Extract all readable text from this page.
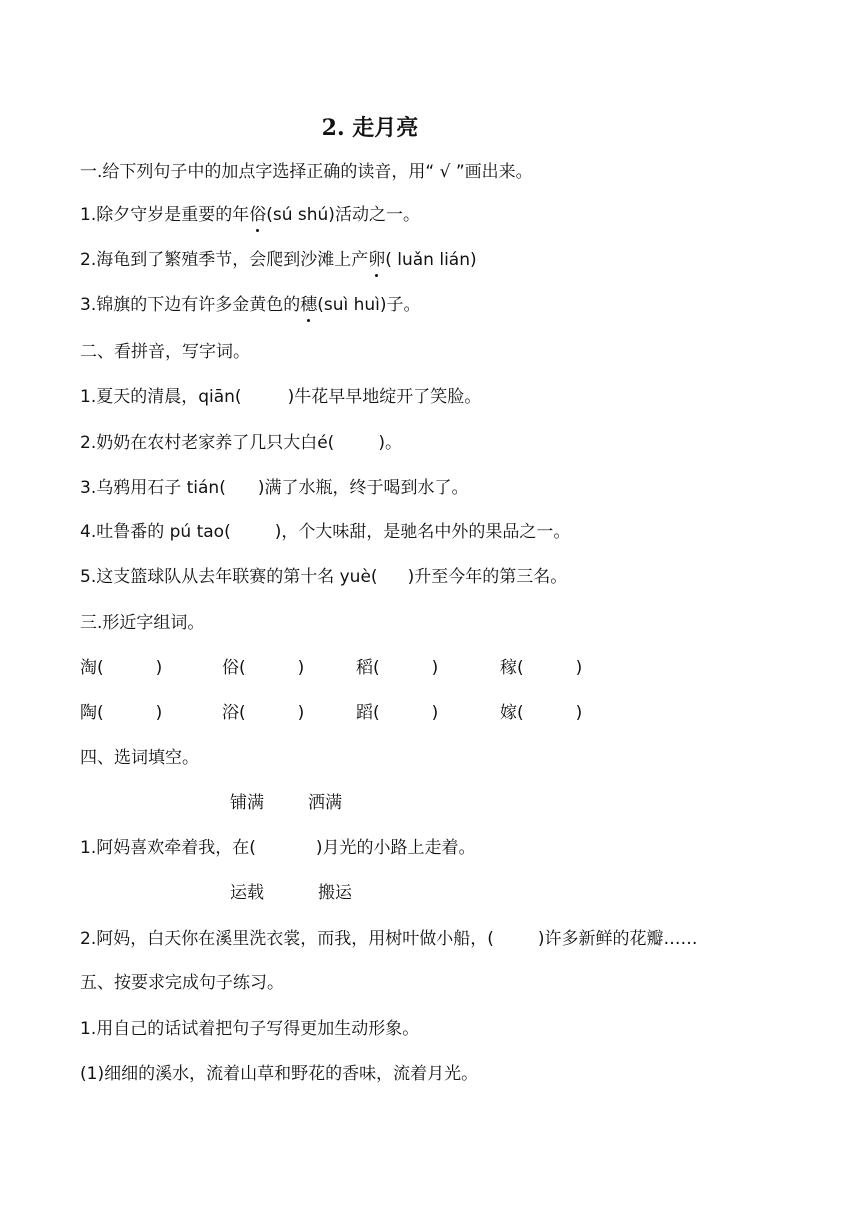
2. 走月亮
一.给下列句子中的加点字选择正确的读音，用“ √ ”画出来。
1.除夕守岁是重要的年俗(sú shú)活动之一。
2.海龟到了繁殖季节，会爬到沙滩上产卵( luǎn lián)
3.锦旗的下边有许多金黄色的穗(suì huì)子。
二、看拼音，写字词。
1.夏天的清晨，qiān(	)牛花早早地绽开了笑脸。
2.奶奶在农村老家养了几只大白é(	)。
3.乌鸦用石子 tián( )满了水瓶，终于喝到水了。
4.吐鲁番的 pú tao(	)，个大味甜，是驰名中外的果品之一。
5.这支篮球队从去年联赛的第十名 yuè( )升至今年的第三名。
三.形近字组词。
淘(	)	俗(	)	稻(	)	稼(	)
陶(	)	浴(	)	蹈(	)	嫁(	)
四、选词填空。
铺满	洒满
1.阿妈喜欢牵着我，在(	)月光的小路上走着。
运载	搬运
2.阿妈，白天你在溪里洗衣裳，而我，用树叶做小船，(	)许多新鲜的花瓣……
五、按要求完成句子练习。
1.用自己的话试着把句子写得更加生动形象。
(1)细细的溪水，流着山草和野花的香味，流着月光。
